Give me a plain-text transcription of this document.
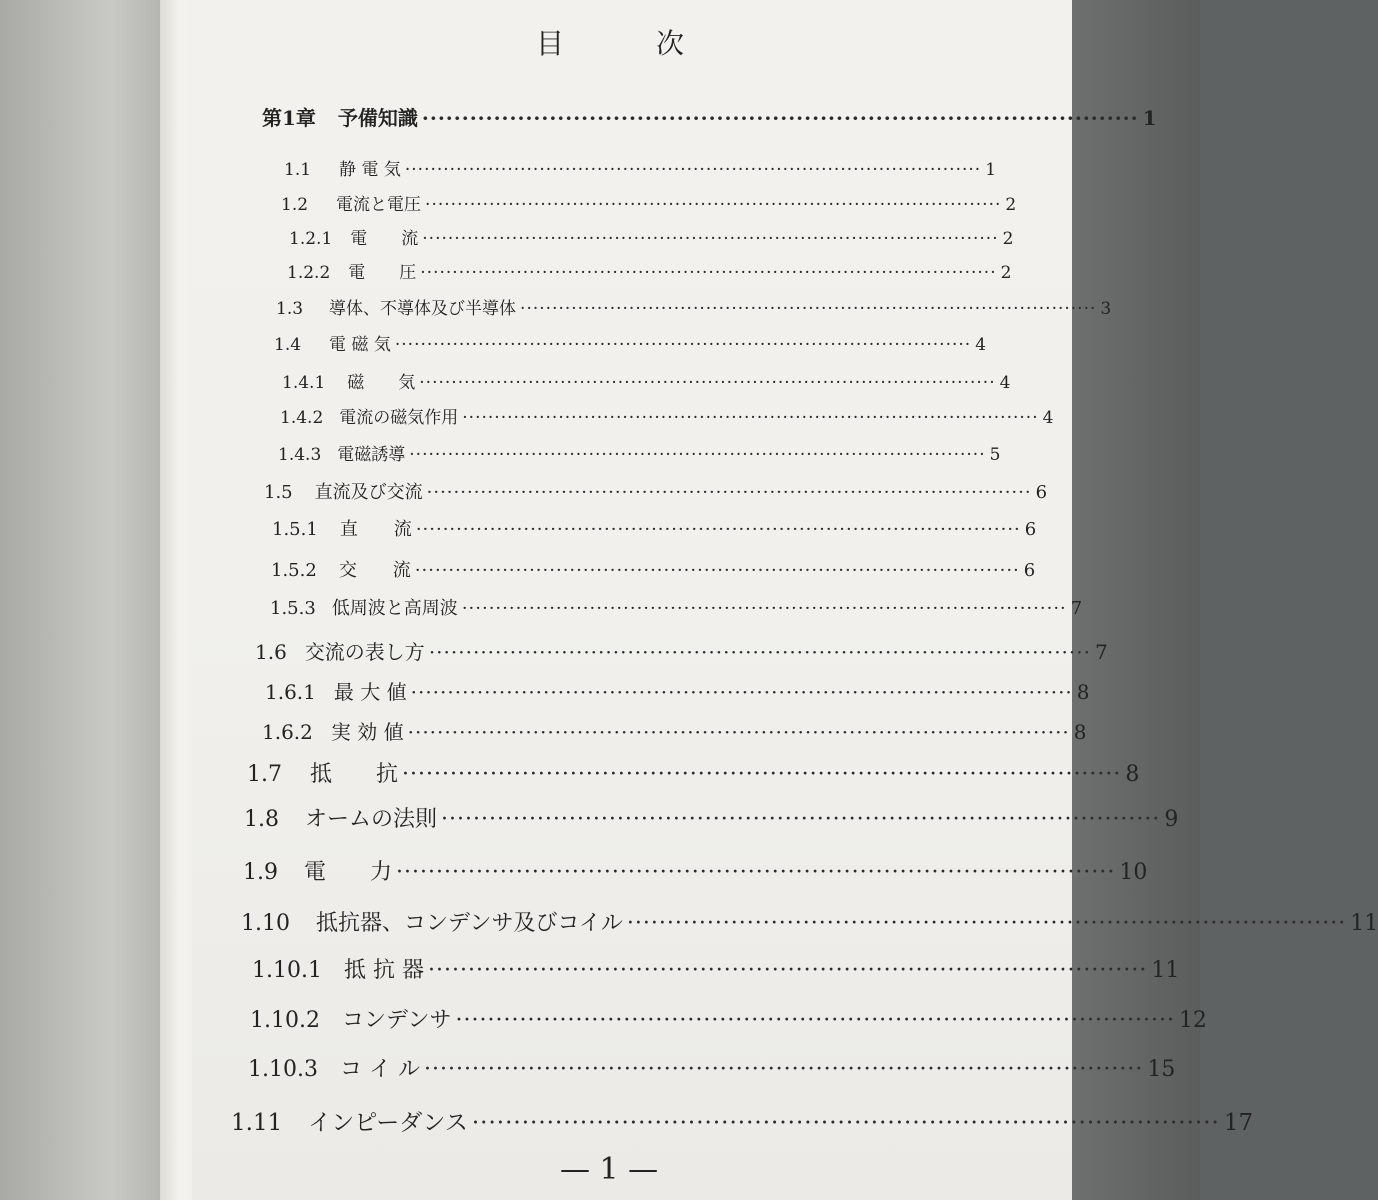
目	次
第1章 予備知識 ·························································································· 1
1.1 静 電 気 ·························································································· 1
1.2 電流と電圧 ·························································································· 2
1.2.1 電　　流 ·························································································· 2
1.2.2 電　　圧 ·························································································· 2
1.3 導体、不導体及び半導体 ·························································································· 3
1.4 電 磁 気 ·························································································· 4
1.4.1 磁　　気 ·························································································· 4
1.4.2 電流の磁気作用 ·························································································· 4
1.4.3 電磁誘導 ·························································································· 5
1.5 直流及び交流 ·························································································· 6
1.5.1 直　　流 ·························································································· 6
1.5.2 交　　流 ·························································································· 6
1.5.3 低周波と高周波 ·························································································· 7
1.6 交流の表し方 ·························································································· 7
1.6.1 最 大 値 ·························································································· 8
1.6.2 実 効 値 ·························································································· 8
1.7 抵　　抗 ·························································································· 8
1.8 オームの法則 ·························································································· 9
1.9 電　　力 ·························································································· 10
1.10 抵抗器、コンデンサ及びコイル ·························································································· 11
1.10.1 抵 抗 器 ·························································································· 11
1.10.2 コンデンサ ·························································································· 12
1.10.3 コ イ ル ·························································································· 15
1.11 インピーダンス ·························································································· 17
— 1 —
